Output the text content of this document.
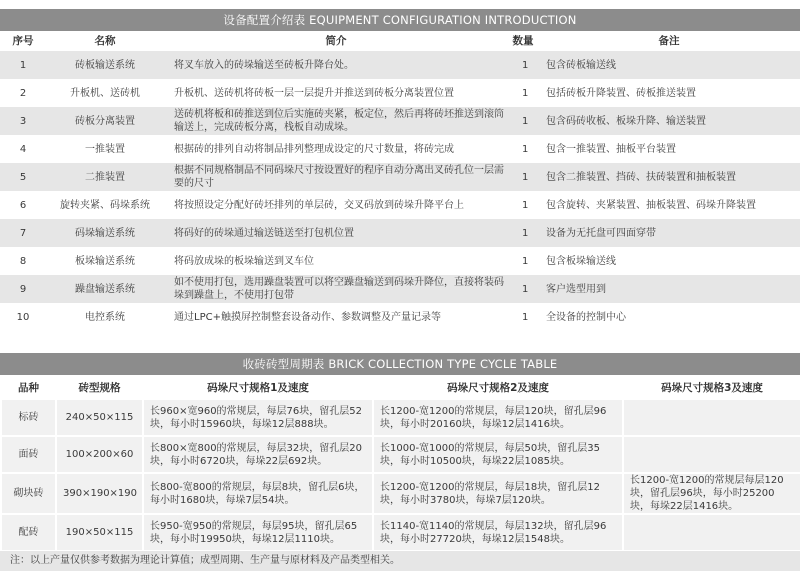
设备配置介绍表 EQUIPMENT CONFIGURATION INTRODUCTION
序号	名称	简介	数量	备注
1	砖板输送系统	将叉车放入的砖垛输送至砖板升降台处。	1	包含砖板输送线
2	升板机、送砖机	升板机、送砖机将砖板一层一层提升并推送到砖板分离装置位置	1	包括砖板升降装置、砖板推送装置
3	砖板分离装置	送砖机将板和砖推送到位后实施砖夹紧，板定位，然后再将砖坯推送到滚筒输送上，完成砖板分离，栈板自动成垛。	1	包含码砖收板、板垛升降、输送装置
4	一推装置	根据砖的排列自动将制品排列整理成设定的尺寸数量，将砖完成	1	包含一推装置、抽板平台装置
5	二推装置	根据不同规格制品不同码垛尺寸按设置好的程序自动分离出叉砖孔位一层需要的尺寸	1	包含二推装置、挡砖、扶砖装置和抽板装置
6	旋转夹紧、码垛系统	将按照设定分配好砖坯排列的单层砖，交叉码放到砖垛升降平台上	1	包含旋转、夹紧装置、抽板装置、码垛升降装置
7	码垛输送系统	将码好的砖垛通过输送链送至打包机位置	1	设备为无托盘可四面穿带
8	板垛输送系统	将码放成垛的板垛输送到叉车位	1	包含板垛输送线
9	躁盘输送系统	如不使用打包，选用躁盘装置可以将空躁盘输送到码垛升降位，直接将装码垛到躁盘上，不使用打包带	1	客户选型用到
10	电控系统	通过LPC+触摸屏控制整套设备动作、参数调整及产量记录等	1	全设备的控制中心
收砖砖型周期表 BRICK COLLECTION TYPE CYCLE TABLE
品种	砖型规格	码垛尺寸规格1及速度	码垛尺寸规格2及速度	码垛尺寸规格3及速度
标砖	240×50×115	长960×宽960的常规层，每层76块，留孔层52块，每小时15960块，每垛12层888块。	长1200-宽1200的常规层，每层120块，留孔层96块，每小时20160块，每垛12层1416块。	
面砖	100×200×60	长800×宽800的常规层，每层32块，留孔层20块，每小时6720块，每垛22层692块。	长1000-宽1000的常规层，每层50块，留孔层35块，每小时10500块，每垛22层1085块。	
砌块砖	390×190×190	长800-宽800的常规层，每层8块，留孔层6块，每小时1680块，每垛7层54块。	长1200-宽1200的常规层，每层18块，留孔层12块，每小时3780块，每垛7层120块。	长1200-宽1200的常规层每层120块，留孔层96块，每小时25200块，每垛22层1416块。
配砖	190×50×115	长950-宽950的常规层，每层95块，留孔层65块，每小时19950块，每垛12层1110块。	长1140-宽1140的常规层，每层132块，留孔层96块，每小时27720块，每垛12层1548块。	
注：以上产量仅供参考数据为理论计算值；成型周期、生产量与原材料及产品类型相关。
